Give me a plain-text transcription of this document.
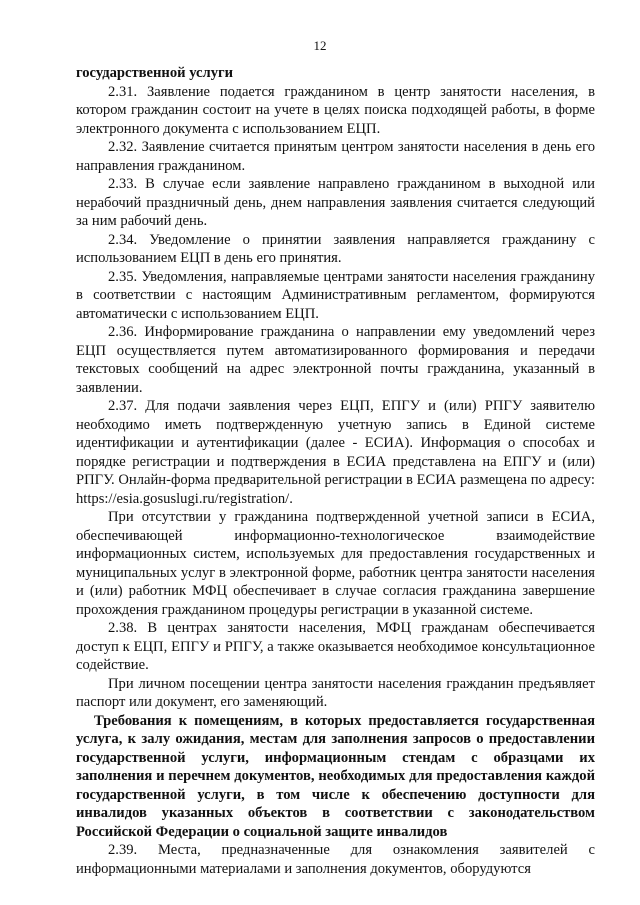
12

государственной услуги

2.31. Заявление подается гражданином в центр занятости населения, в котором гражданин состоит на учете в целях поиска подходящей работы, в форме электронного документа с использованием ЕЦП.

2.32. Заявление считается принятым центром занятости населения в день его направления гражданином.

2.33. В случае если заявление направлено гражданином в выходной или нерабочий праздничный день, днем направления заявления считается следующий за ним рабочий день.

2.34. Уведомление о принятии заявления направляется гражданину с использованием ЕЦП в день его принятия.

2.35. Уведомления, направляемые центрами занятости населения гражданину в соответствии с настоящим Административным регламентом, формируются автоматически с использованием ЕЦП.

2.36. Информирование гражданина о направлении ему уведомлений через ЕЦП осуществляется путем автоматизированного формирования и передачи текстовых сообщений на адрес электронной почты гражданина, указанный в заявлении.

2.37. Для подачи заявления через ЕЦП, ЕПГУ и (или) РПГУ заявителю необходимо иметь подтвержденную учетную запись в Единой системе идентификации и аутентификации (далее - ЕСИА). Информация о способах и порядке регистрации и подтверждения в ЕСИА представлена на ЕПГУ и (или) РПГУ. Онлайн-форма предварительной регистрации в ЕСИА размещена по адресу: https://esia.gosuslugi.ru/registration/.

При отсутствии у гражданина подтвержденной учетной записи в ЕСИА, обеспечивающей информационно-технологическое взаимодействие информационных систем, используемых для предоставления государственных и муниципальных услуг в электронной форме, работник центра занятости населения и (или) работник МФЦ обеспечивает в случае согласия гражданина завершение прохождения гражданином процедуры регистрации в указанной системе.

2.38. В центрах занятости населения, МФЦ гражданам обеспечивается доступ к ЕЦП, ЕПГУ и РПГУ, а также оказывается необходимое консультационное содействие.

При личном посещении центра занятости населения гражданин предъявляет паспорт или документ, его заменяющий.

Требования к помещениям, в которых предоставляется государственная услуга, к залу ожидания, местам для заполнения запросов о предоставлении государственной услуги, информационным стендам с образцами их заполнения и перечнем документов, необходимых для предоставления каждой государственной услуги, в том числе к обеспечению доступности для инвалидов указанных объектов в соответствии с законодательством Российской Федерации о социальной защите инвалидов

2.39. Места, предназначенные для ознакомления заявителей с информационными материалами и заполнения документов, оборудуются
